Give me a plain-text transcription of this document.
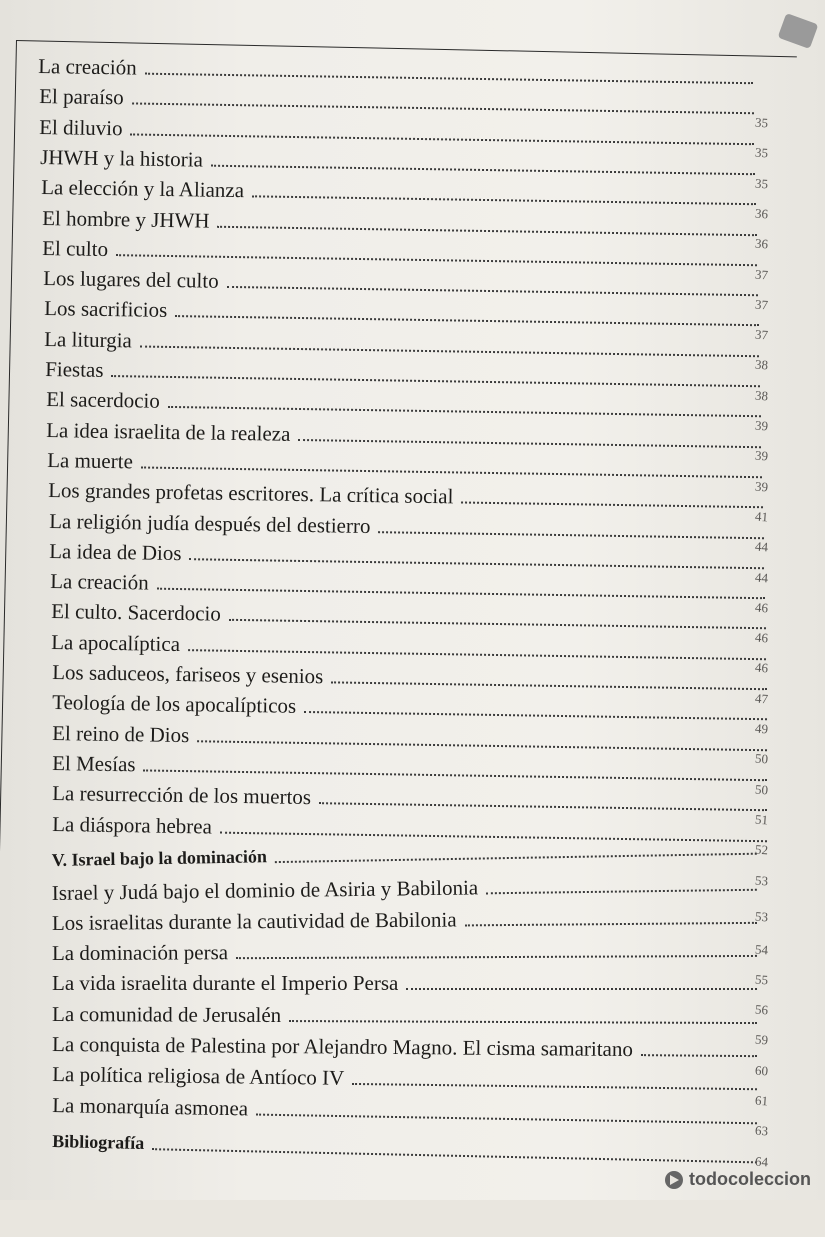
La creación
El paraíso
El diluvio
JHWH y la historia
La elección y la Alianza
El hombre y JHWH
El culto
Los lugares del culto
Los sacrificios
La liturgia
Fiestas
El sacerdocio
La idea israelita de la realeza
La muerte
Los grandes profetas escritores. La crítica social
La religión judía después del destierro
La idea de Dios
La creación
El culto. Sacerdocio
La apocalíptica
Los saduceos, fariseos y esenios
Teología de los apocalípticos
El reino de Dios
El Mesías
La resurrección de los muertos
La diáspora hebrea
V. Israel bajo la dominación
Israel y Judá bajo el dominio de Asiria y Babilonia
Los israelitas durante la cautividad de Babilonia
La dominación persa
La vida israelita durante el Imperio Persa
La comunidad de Jerusalén
La conquista de Palestina por Alejandro Magno. El cisma samaritano
La política religiosa de Antíoco IV
La monarquía asmonea
Bibliografía
35
35
35
36
36
37
37
37
38
38
39
39
39
41
44
44
46
46
46
47
49
50
50
51
52
53
53
54
55
56
59
60
61
63
64
todocoleccion
